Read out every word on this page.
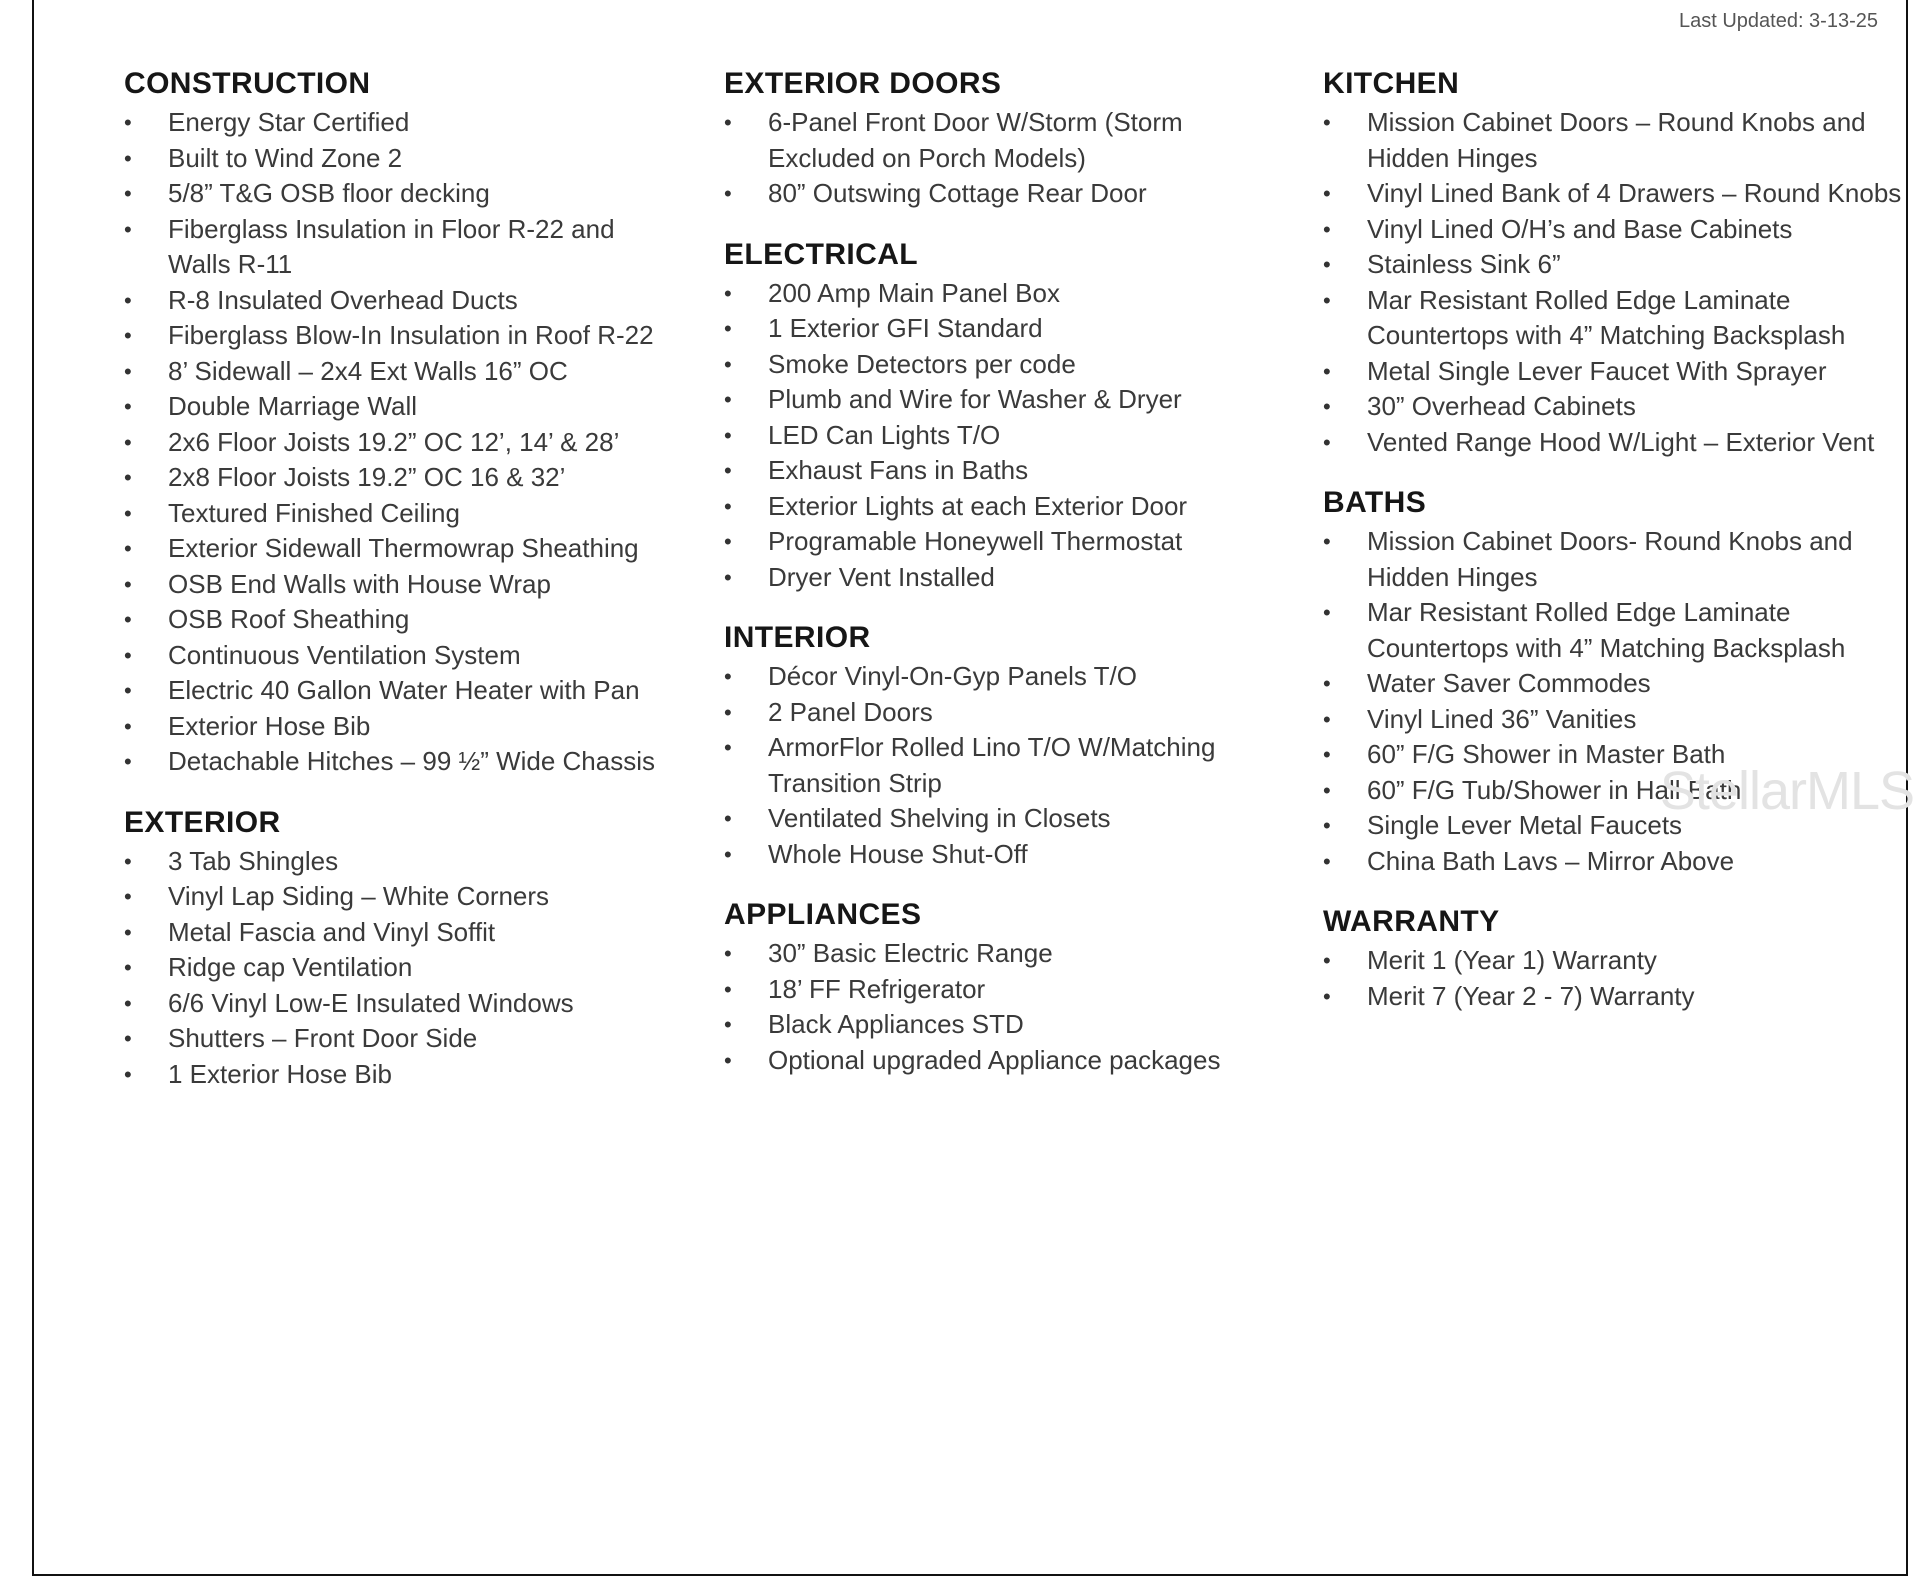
Last Updated: 3-13-25
CONSTRUCTION
• Energy Star Certified
• Built to Wind Zone 2
• 5/8” T&G OSB floor decking
• Fiberglass Insulation in Floor R-22 and Walls R-11
• R-8 Insulated Overhead Ducts
• Fiberglass Blow-In Insulation in Roof R-22
• 8’ Sidewall – 2x4 Ext Walls 16” OC
• Double Marriage Wall
• 2x6 Floor Joists 19.2” OC 12’, 14’ & 28’
• 2x8 Floor Joists 19.2” OC 16 & 32’
• Textured Finished Ceiling
• Exterior Sidewall Thermowrap Sheathing
• OSB End Walls with House Wrap
• OSB Roof Sheathing
• Continuous Ventilation System
• Electric 40 Gallon Water Heater with Pan
• Exterior Hose Bib
• Detachable Hitches – 99 ½” Wide Chassis
EXTERIOR
• 3 Tab Shingles
• Vinyl Lap Siding – White Corners
• Metal Fascia and Vinyl Soffit
• Ridge cap Ventilation
• 6/6 Vinyl Low-E Insulated Windows
• Shutters – Front Door Side
• 1 Exterior Hose Bib
EXTERIOR DOORS
• 6-Panel Front Door W/Storm (Storm Excluded on Porch Models)
• 80” Outswing Cottage Rear Door
ELECTRICAL
• 200 Amp Main Panel Box
• 1 Exterior GFI Standard
• Smoke Detectors per code
• Plumb and Wire for Washer & Dryer
• LED Can Lights T/O
• Exhaust Fans in Baths
• Exterior Lights at each Exterior Door
• Programable Honeywell Thermostat
• Dryer Vent Installed
INTERIOR
• Décor Vinyl-On-Gyp Panels T/O
• 2 Panel Doors
• ArmorFlor Rolled Lino T/O W/Matching Transition Strip
• Ventilated Shelving in Closets
• Whole House Shut-Off
APPLIANCES
• 30” Basic Electric Range
• 18’ FF Refrigerator
• Black Appliances STD
• Optional upgraded Appliance packages
KITCHEN
• Mission Cabinet Doors – Round Knobs and Hidden Hinges
• Vinyl Lined Bank of 4 Drawers – Round Knobs
• Vinyl Lined O/H’s and Base Cabinets
• Stainless Sink 6”
• Mar Resistant Rolled Edge Laminate Countertops with 4” Matching Backsplash
• Metal Single Lever Faucet With Sprayer
• 30” Overhead Cabinets
• Vented Range Hood W/Light – Exterior Vent
BATHS
• Mission Cabinet Doors- Round Knobs and Hidden Hinges
• Mar Resistant Rolled Edge Laminate Countertops with 4” Matching Backsplash
• Water Saver Commodes
• Vinyl Lined 36” Vanities
• 60” F/G Shower in Master Bath
• 60” F/G Tub/Shower in Hall Bath
• Single Lever Metal Faucets
• China Bath Lavs – Mirror Above
WARRANTY
• Merit 1 (Year 1) Warranty
• Merit 7 (Year 2 - 7) Warranty
StellarMLS
